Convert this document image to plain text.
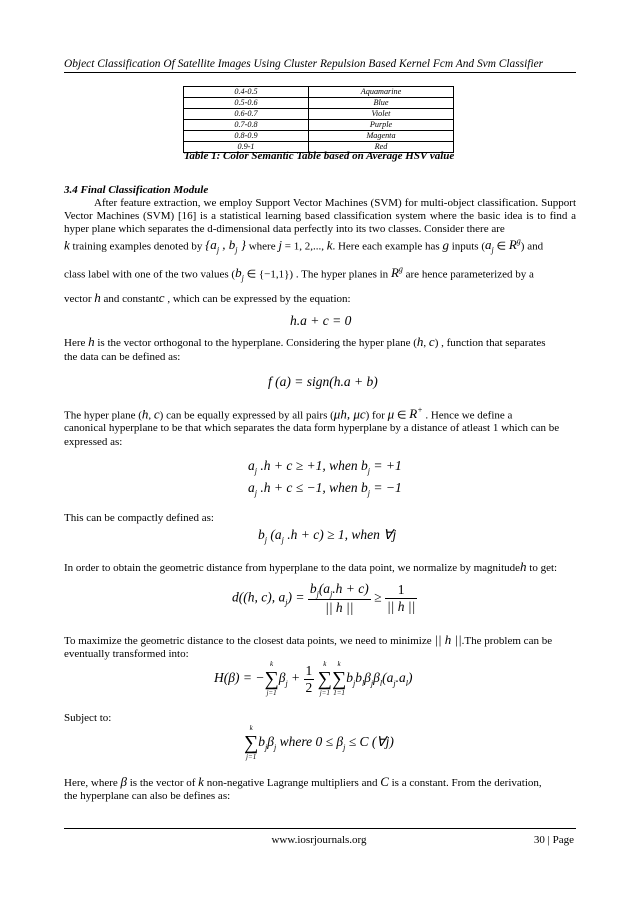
Object Classification Of Satellite Images Using Cluster Repulsion Based Kernel Fcm And Svm Classifier
0.4-0.5	Aquamarine
0.5-0.6	Blue
0.6-0.7	Violet
0.7-0.8	Purple
0.8-0.9	Magenta
0.9-1	Red
Table 1: Color Semantic Table based on Average HSV value
3.4 Final Classification Module
After feature extraction, we employ Support Vector Machines (SVM) for multi-object classification. Support Vector Machines (SVM) [16] is a statistical learning based classification system where the basic idea is to find a hyper plane which separates the d-dimensional data perfectly into its two classes. Consider there are
k training examples denoted by {$a_j$ , $b_j$ } where j = 1, 2,..., k. Here each example has g inputs ($a_j$ ∈ $R^g$) and
class label with one of the two values ($b_j$ ∈ {−1,1}) . The hyper planes in $R^g$ are hence parameterized by a
vector h and constantc , which can be expressed by the equation:
h.a + c = 0
Here h is the vector orthogonal to the hyperplane. Considering the hyper plane (h, c) , function that separates
the data can be defined as:
f (a) = sign(h.a + b)
The hyper plane (h, c) can be equally expressed by all pairs (μh, μc) for μ ∈ R+ . Hence we define a
canonical hyperplane to be that which separates the data form hyperplane by a distance of atleast 1 which can be
expressed as:
$a_j$ .h + c ≥ +1, when $b_j = +1$
$a_j$ .h + c ≤ −1, when $b_j = -1$
This can be compactly defined as:
$b_j$ ($a_j$ .h + c) ≥ 1, when ∀j
In order to obtain the geometric distance from hyperplane to the data point, we normalize by magnitudeh to get:
d((h, c), $a_j) = \frac{b_j(a_j.h + c)}{|| h ||} \ge \frac{1}{|| h ||}$
To maximize the geometric distance to the closest data points, we need to minimize || h ||.The problem can be
eventually transformed into:
H(β) = −
k
∑
j=1
$\beta_j + \frac{1}{2}$
	k
∑
j=1
k
∑
1=1
$b_jb_l\beta_j\beta_l(a_j.a_l)$
Subject to:
k
∑
j=1
$b_j\beta_j$ where $0 \le \beta_j \le C$ (∀j)
Here, where β is the vector of k non-negative Lagrange multipliers and C is a constant. From the derivation,
the hyperplane can also be defines as:
www.iosrjournals.org	30 | Page
